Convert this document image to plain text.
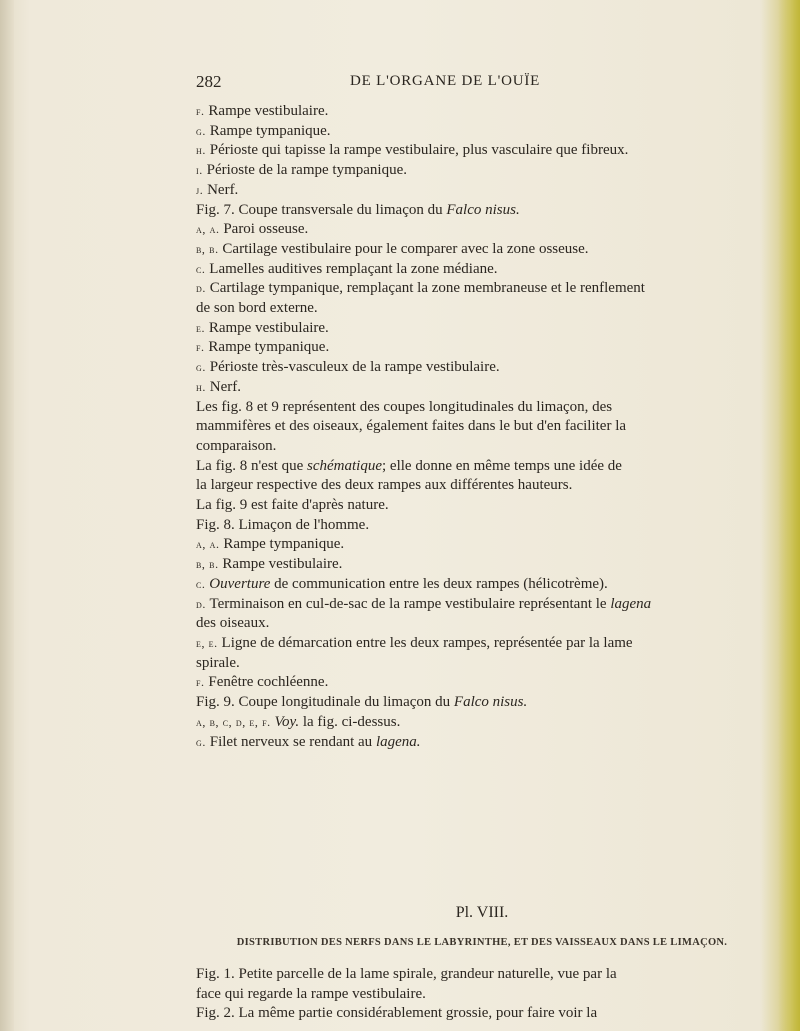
282	DE L'ORGANE DE L'OUÏE

f. Rampe vestibulaire.

g. Rampe tympanique.

h. Périoste qui tapisse la rampe vestibulaire, plus vasculaire que fibreux.

i. Périoste de la rampe tympanique.

j. Nerf.

Fig. 7. Coupe transversale du limaçon du Falco nisus.

a, a. Paroi osseuse.

b, b. Cartilage vestibulaire pour le comparer avec la zone osseuse.

c. Lamelles auditives remplaçant la zone médiane.

d. Cartilage tympanique, remplaçant la zone membraneuse et le renflement

de son bord externe.

e. Rampe vestibulaire.

f. Rampe tympanique.

g. Périoste très-vasculeux de la rampe vestibulaire.

h. Nerf.

Les fig. 8 et 9 représentent des coupes longitudinales du limaçon, des

mammifères et des oiseaux, également faites dans le but d'en faciliter la

comparaison.

La fig. 8 n'est que schématique; elle donne en même temps une idée de

la largeur respective des deux rampes aux différentes hauteurs.

La fig. 9 est faite d'après nature.

Fig. 8. Limaçon de l'homme.

a, a. Rampe tympanique.

b, b. Rampe vestibulaire.

c. Ouverture de communication entre les deux rampes (hélicotrème).

d. Terminaison en cul-de-sac de la rampe vestibulaire représentant le lagena

des oiseaux.

e, e. Ligne de démarcation entre les deux rampes, représentée par la lame

spirale.

f. Fenêtre cochléenne.

Fig. 9. Coupe longitudinale du limaçon du Falco nisus.

a, b, c, d, e, f. Voy. la fig. ci-dessus.

g. Filet nerveux se rendant au lagena.

Pl. VIII.
DISTRIBUTION DES NERFS DANS LE LABYRINTHE, ET DES VAISSEAUX DANS LE LIMAÇON.

Fig. 1. Petite parcelle de la lame spirale, grandeur naturelle, vue par la

face qui regarde la rampe vestibulaire.

Fig. 2. La même partie considérablement grossie, pour faire voir la
